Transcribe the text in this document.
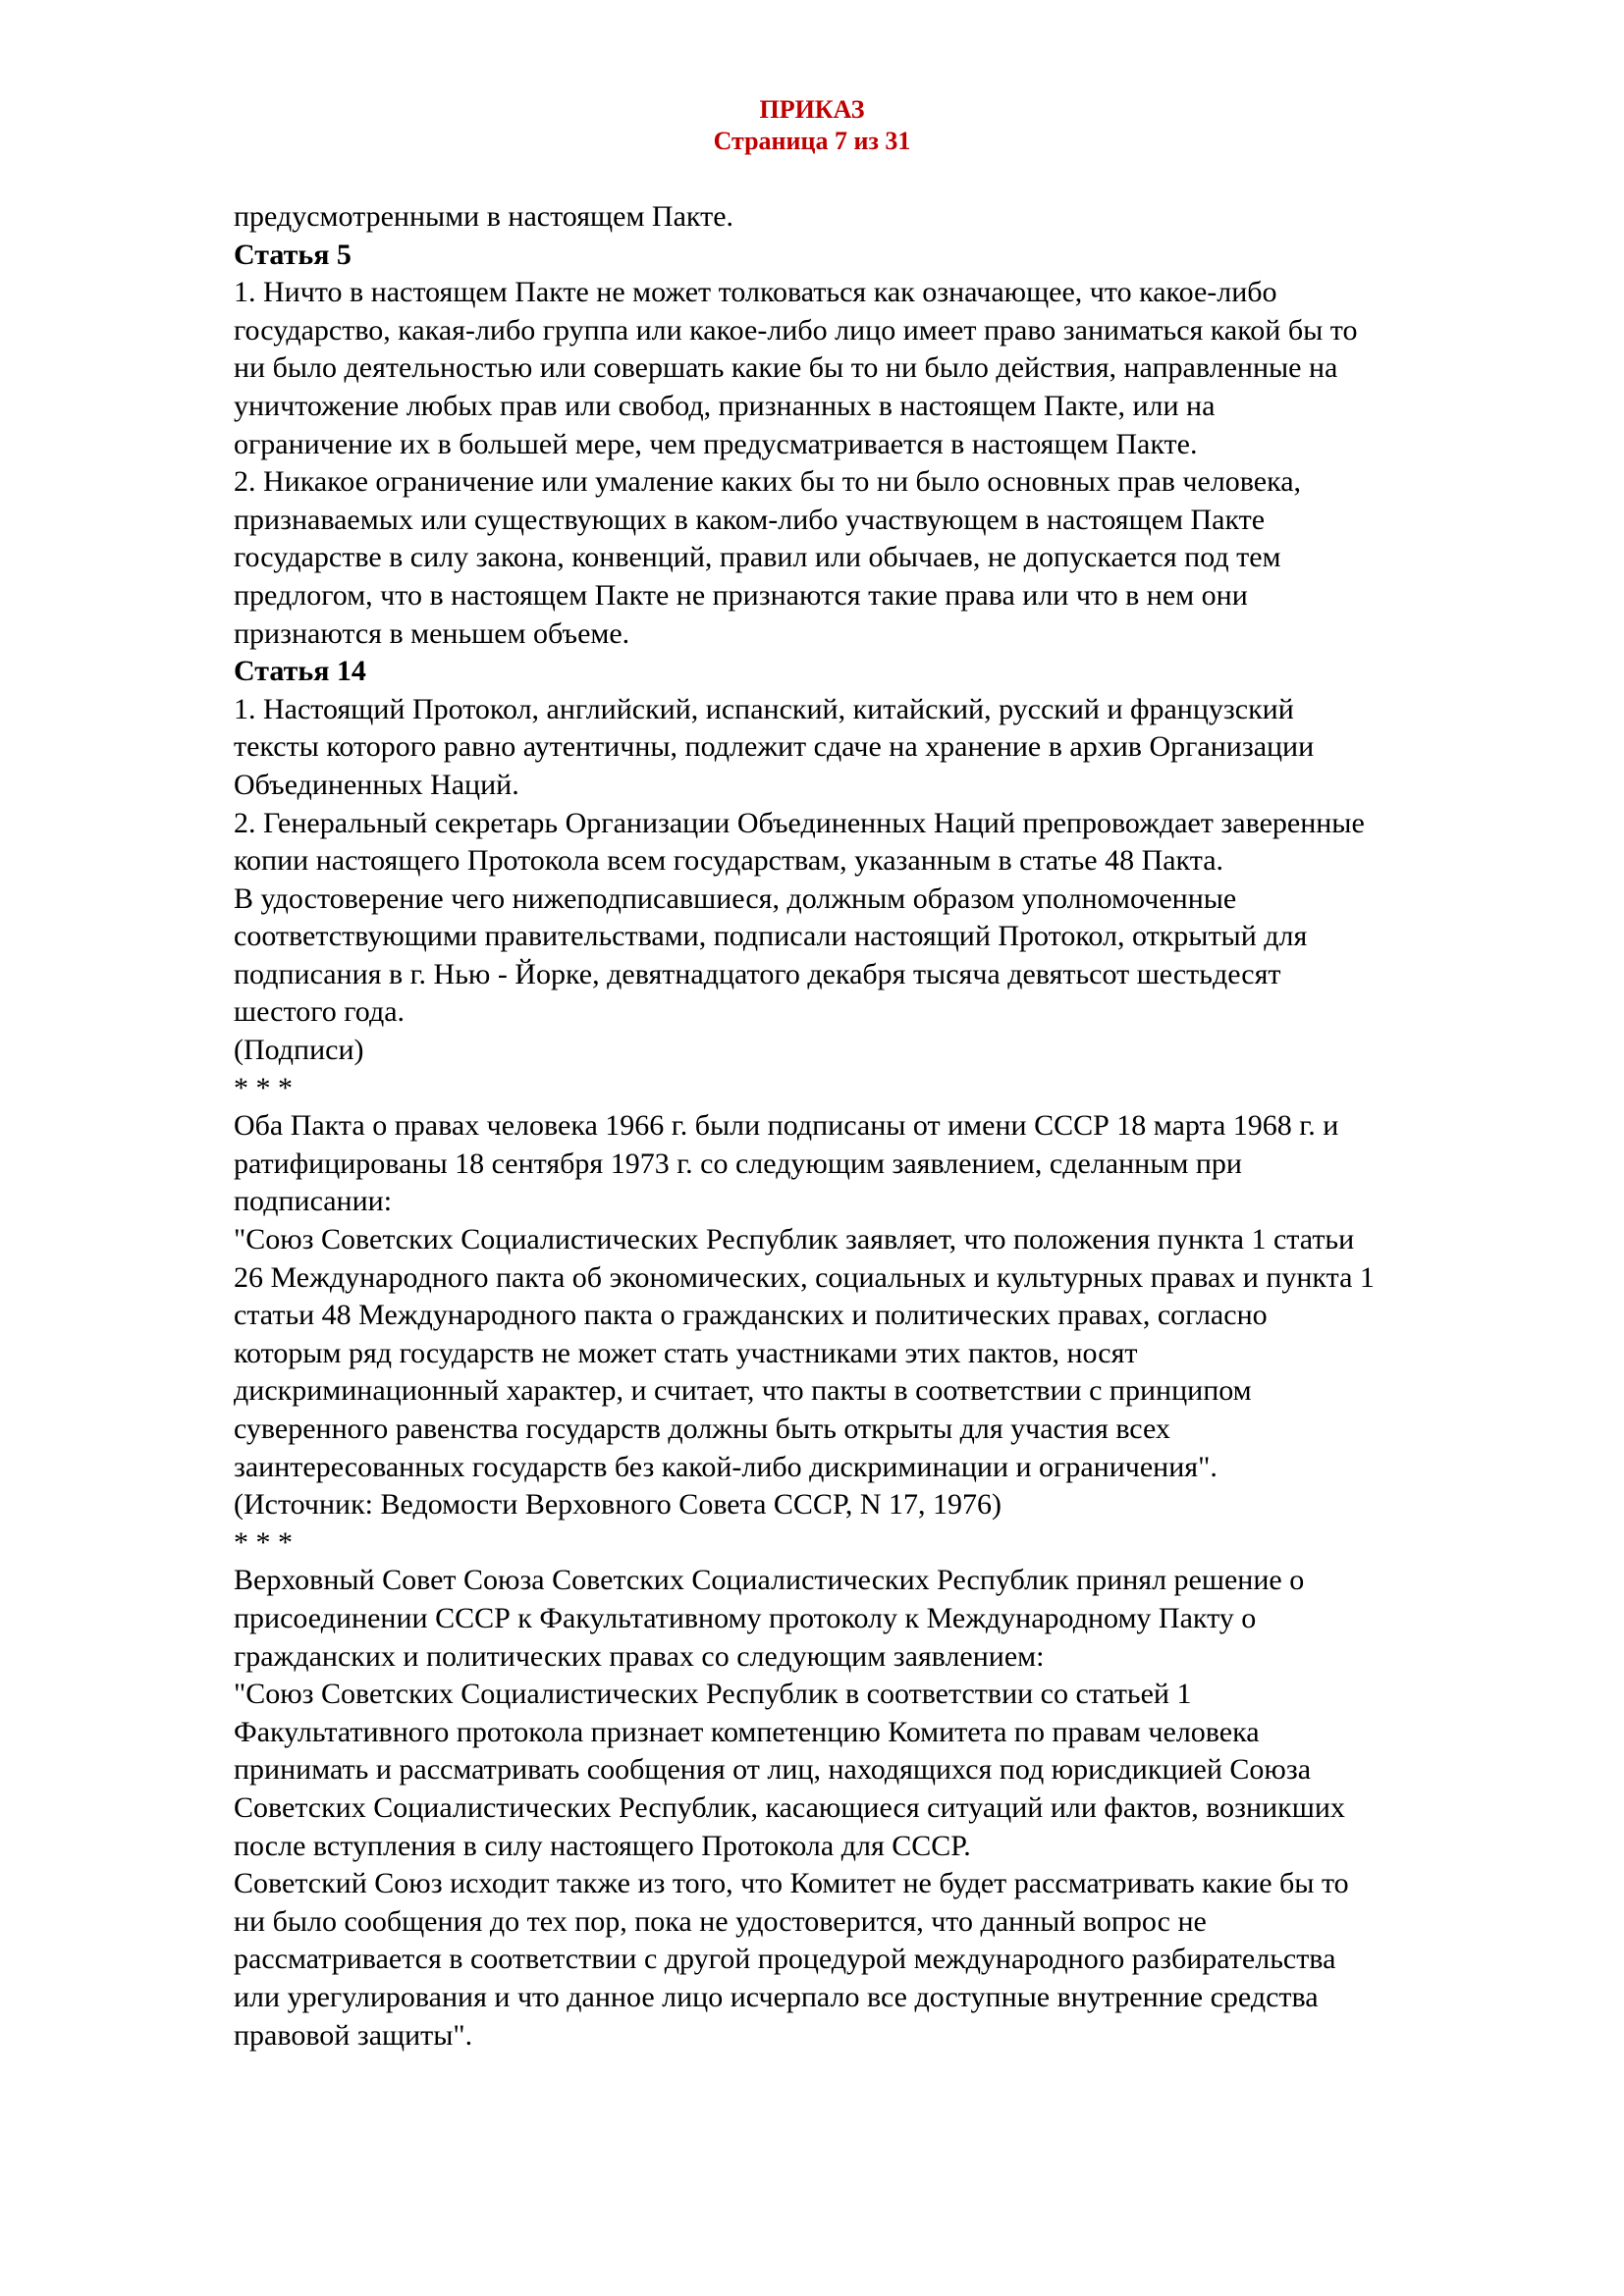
ПРИКАЗ
Страница 7 из 31
предусмотренными в настоящем Пакте.
Статья 5
1. Ничто в настоящем Пакте не может толковаться как означающее, что какое-либо
государство, какая-либо группа или какое-либо лицо имеет право заниматься какой бы то
ни было деятельностью или совершать какие бы то ни было действия, направленные на
уничтожение любых прав или свобод, признанных в настоящем Пакте, или на
ограничение их в большей мере, чем предусматривается в настоящем Пакте.
2. Никакое ограничение или умаление каких бы то ни было основных прав человека,
признаваемых или существующих в каком-либо участвующем в настоящем Пакте
государстве в силу закона, конвенций, правил или обычаев, не допускается под тем
предлогом, что в настоящем Пакте не признаются такие права или что в нем они
признаются в меньшем объеме.
Статья 14
1. Настоящий Протокол, английский, испанский, китайский, русский и французский
тексты которого равно аутентичны, подлежит сдаче на хранение в архив Организации
Объединенных Наций.
2. Генеральный секретарь Организации Объединенных Наций препровождает заверенные
копии настоящего Протокола всем государствам, указанным в статье 48 Пакта.
В удостоверение чего нижеподписавшиеся, должным образом уполномоченные
соответствующими правительствами, подписали настоящий Протокол, открытый для
подписания в г. Нью - Йорке, девятнадцатого декабря тысяча девятьсот шестьдесят
шестого года.
(Подписи)
* * *
Оба Пакта о правах человека 1966 г. были подписаны от имени СССР 18 марта 1968 г. и
ратифицированы 18 сентября 1973 г. со следующим заявлением, сделанным при
подписании:
"Союз Советских Социалистических Республик заявляет, что положения пункта 1 статьи
26 Международного пакта об экономических, социальных и культурных правах и пункта 1
статьи 48 Международного пакта о гражданских и политических правах, согласно
которым ряд государств не может стать участниками этих пактов, носят
дискриминационный характер, и считает, что пакты в соответствии с принципом
суверенного равенства государств должны быть открыты для участия всех
заинтересованных государств без какой-либо дискриминации и ограничения".
(Источник: Ведомости Верховного Совета СССР, N 17, 1976)
* * *
Верховный Совет Союза Советских Социалистических Республик принял решение о
присоединении СССР к Факультативному протоколу к Международному Пакту о
гражданских и политических правах со следующим заявлением:
"Союз Советских Социалистических Республик в соответствии со статьей 1
Факультативного протокола признает компетенцию Комитета по правам человека
принимать и рассматривать сообщения от лиц, находящихся под юрисдикцией Союза
Советских Социалистических Республик, касающиеся ситуаций или фактов, возникших
после вступления в силу настоящего Протокола для СССР.
Советский Союз исходит также из того, что Комитет не будет рассматривать какие бы то
ни было сообщения до тех пор, пока не удостоверится, что данный вопрос не
рассматривается в соответствии с другой процедурой международного разбирательства
или урегулирования и что данное лицо исчерпало все доступные внутренние средства
правовой защиты".
